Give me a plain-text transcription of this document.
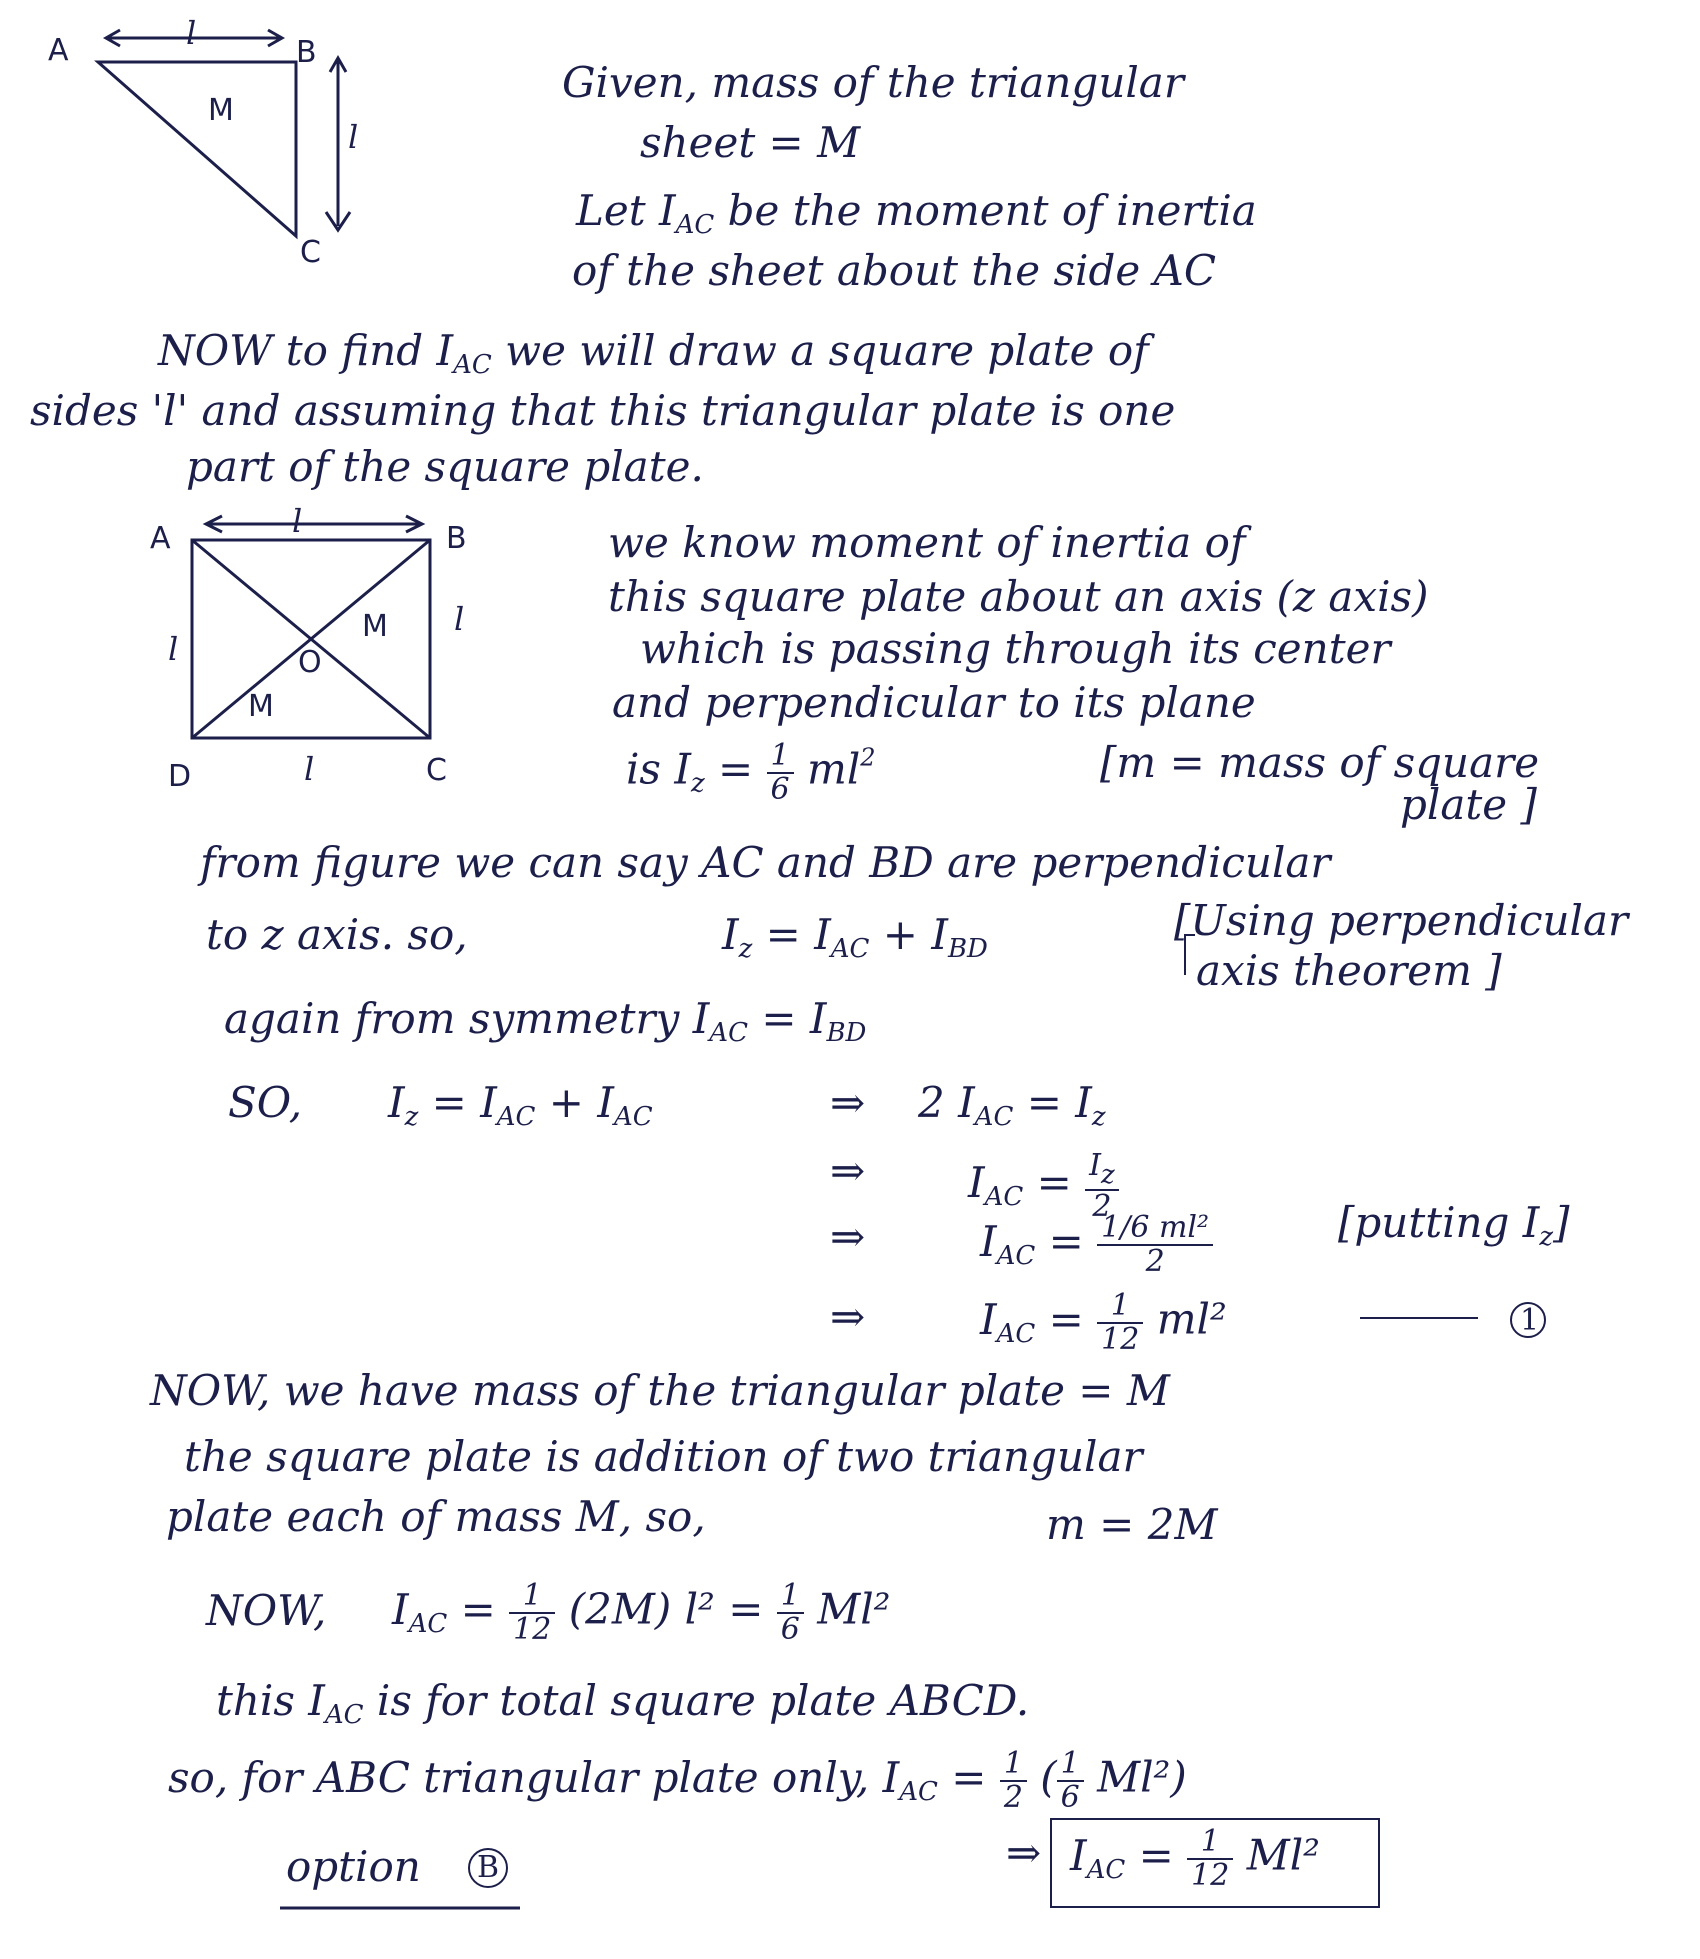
A	B
C
M
l
l
A	B
C
D
O
M
M
l
l
l
l
Given, mass of the triangular
sheet = M
Let $I_{AC}$ be the moment of inertia
of the sheet about the side AC
NOW to find $I_{AC}$ we will draw a square plate of
sides 'l' and assuming that this triangular plate is one
part of the square plate.
we know moment of inertia of
this square plate about an axis (z axis)
which is passing through its center
and perpendicular to its plane
is $I_z = \frac{1}{6} ml^2$	[m = mass of square
plate ]
from figure we can say AC and BD are perpendicular
to z axis. so,	$I_z = I_{AC} + I_{BD}$
[Using perpendicular
axis theorem ]
again from symmetry $I_{AC} = I_{BD}$
SO, $I_z = I_{AC} + I_{AC}$	⇒ 2 $I_{AC} = I_z$
⇒ $I_{AC} = \frac{Iz}{2}$
⇒	$I_{AC} = \frac{\text{1/6 ml²}}{2}$	[putting $I_z$]
⇒	$I_{AC} = \frac{1}{12} ml^2$	1
NOW, we have mass of the triangular plate = M
the square plate is addition of two triangular
plate each of mass M, so,	m = 2M
NOW, $I_{AC} = \frac{1}{12} (2M) l^2 = \frac{1}{6} Ml^2$
this $I_{AC}$ is for total square plate ABCD.
so, for ABC triangular plate only, $I_{AC} = \frac{1}{2}$ ( $\frac{1}{6} Ml^2$)
option B	⇒ $I_{AC} = \frac{1}{12} Ml^2$
